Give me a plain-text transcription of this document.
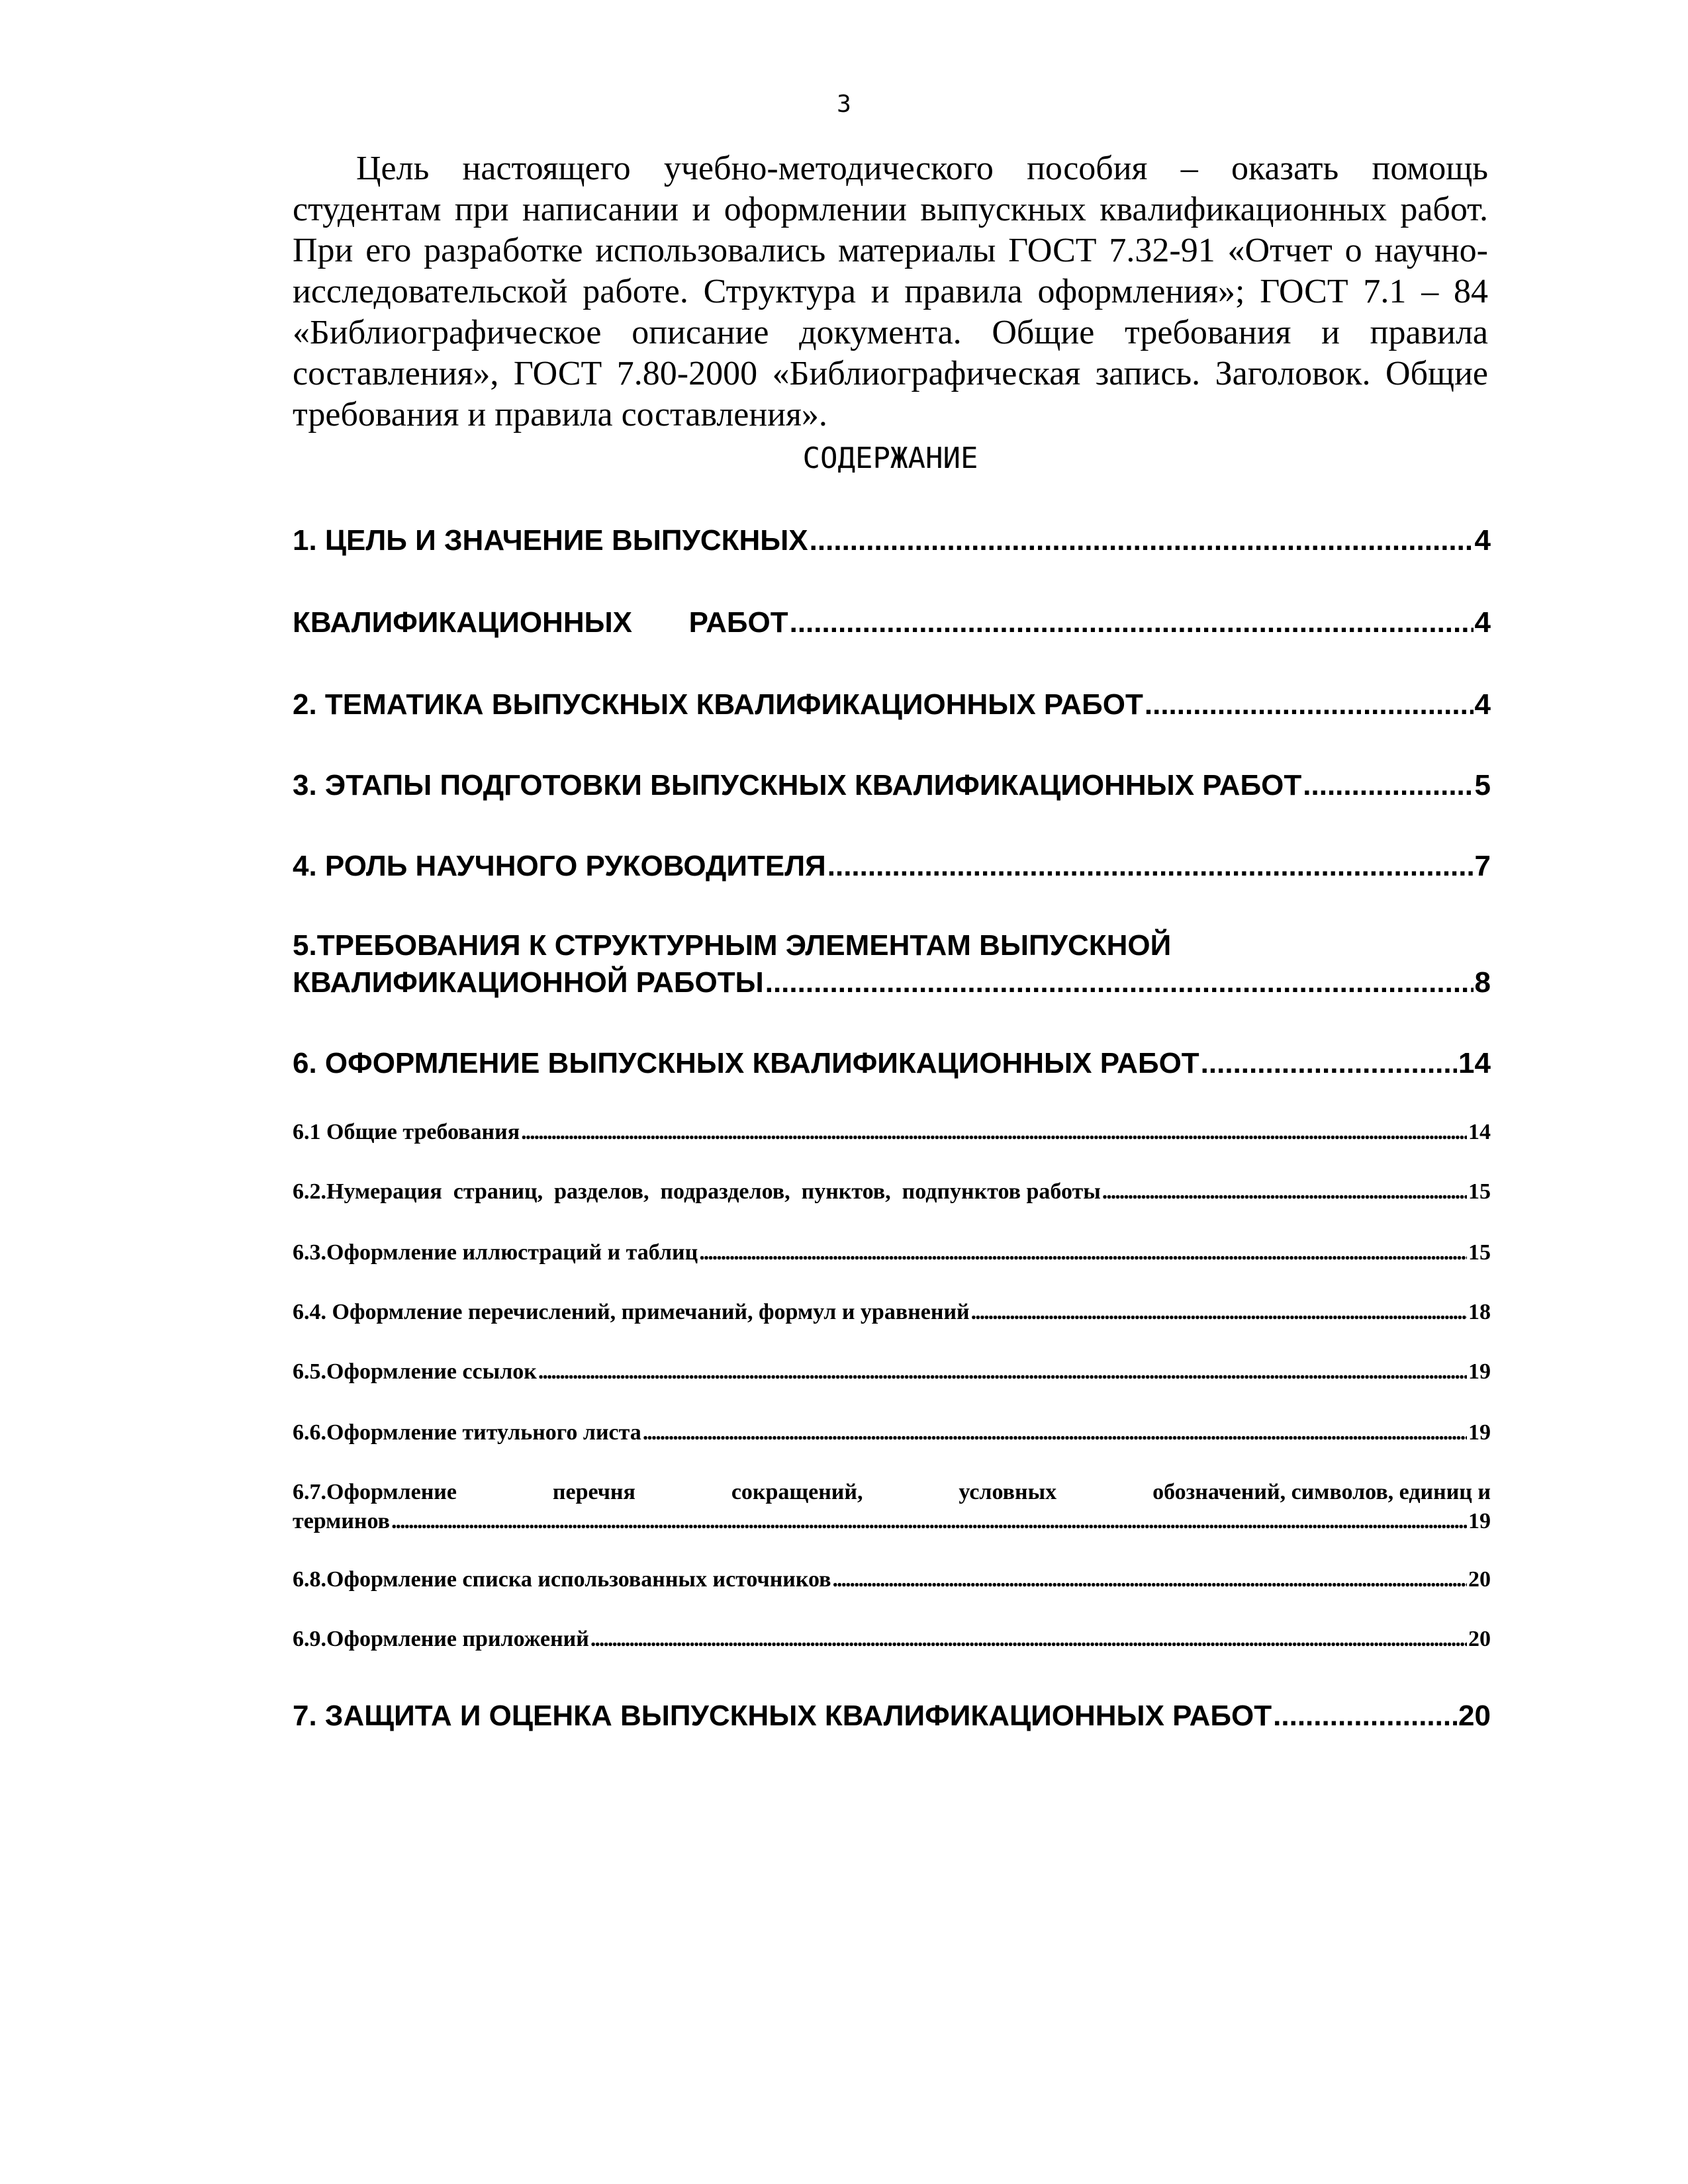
3

Цель настоящего учебно-методического пособия – оказать помощь студентам при написании и оформлении выпускных квалификационных работ. При его разработке использовались материалы ГОСТ 7.32-91 «Отчет о научно-исследовательской работе. Структура и правила оформления»; ГОСТ 7.1 – 84 «Библиографическое описание документа. Общие требования и правила составления», ГОСТ 7.80-2000 «Библиографическая запись. Заголовок. Общие требования и правила составления».

СОДЕРЖАНИЕ
1. ЦЕЛЬ И ЗНАЧЕНИЕ ВЫПУСКНЫХ .....	4
КВАЛИФИКАЦИОННЫХ       РАБОТ .....	4
2. ТЕМАТИКА ВЫПУСКНЫХ КВАЛИФИКАЦИОННЫХ РАБОТ .....	4
3. ЭТАПЫ ПОДГОТОВКИ ВЫПУСКНЫХ КВАЛИФИКАЦИОННЫХ РАБОТ .....	5
4. РОЛЬ НАУЧНОГО РУКОВОДИТЕЛЯ .....	7
5.ТРЕБОВАНИЯ К СТРУКТУРНЫМ ЭЛЕМЕНТАМ ВЫПУСКНОЙ
КВАЛИФИКАЦИОННОЙ РАБОТЫ .....	8
6. ОФОРМЛЕНИЕ ВЫПУСКНЫХ КВАЛИФИКАЦИОННЫХ РАБОТ .....	14
6.1 Общие требования .....	14
6.2.Нумерация  страниц,  разделов,  подразделов,  пунктов,  подпунктов работы .....	15
6.3.Оформление иллюстраций и таблиц .....	15
6.4. Оформление перечислений, примечаний, формул и уравнений .....	18
6.5.Оформление ссылок .....	19
6.6.Оформление титульного листа .....	19
6.7.Оформление	перечня	сокращений,	условных	обозначений, символов, единиц и
терминов .....	19
6.8.Оформление списка использованных источников .....	20
6.9.Оформление приложений .....	20
7. ЗАЩИТА И ОЦЕНКА ВЫПУСКНЫХ КВАЛИФИКАЦИОННЫХ РАБОТ .....	20
